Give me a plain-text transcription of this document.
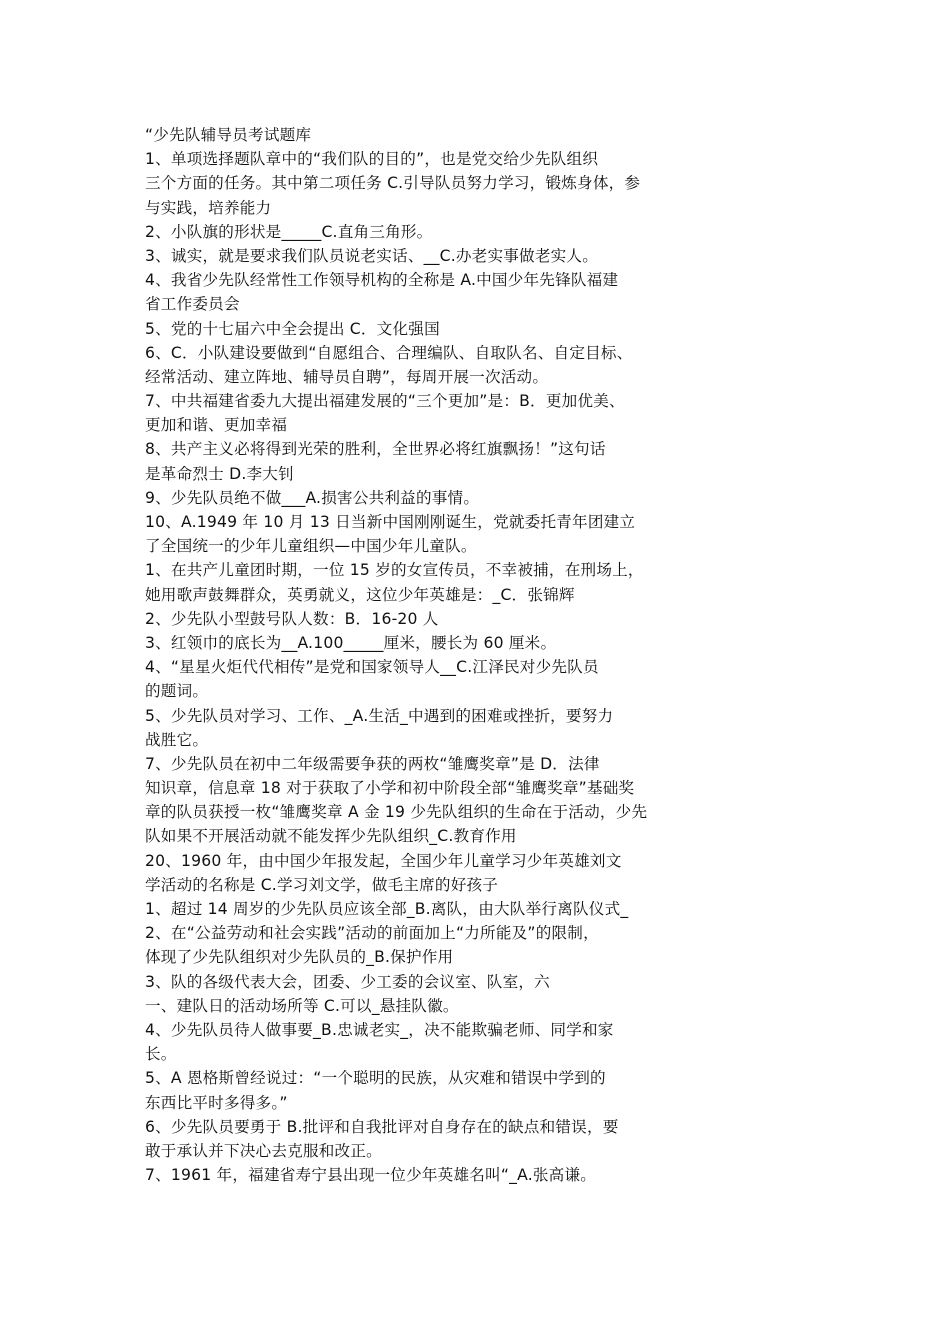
“少先队辅导员考试题库
1、单项选择题队章中的“我们队的目的”，也是党交给少先队组织
三个方面的任务。其中第二项任务 C.引导队员努力学习，锻炼身体，参
与实践，培养能力
2、小队旗的形状是_____C.直角三角形。
3、诚实，就是要求我们队员说老实话、__C.办老实事做老实人。
4、我省少先队经常性工作领导机构的全称是 A.中国少年先锋队福建
省工作委员会
5、党的十七届六中全会提出 C．文化强国
6、C．小队建设要做到“自愿组合、合理编队、自取队名、自定目标、
经常活动、建立阵地、辅导员自聘”，每周开展一次活动。
7、中共福建省委九大提出福建发展的“三个更加”是：B．更加优美、
更加和谐、更加幸福
8、共产主义必将得到光荣的胜利，全世界必将红旗飘扬！”这句话
是革命烈士 D.李大钊
9、少先队员绝不做___A.损害公共利益的事情。
10、A.1949 年 10 月 13 日当新中国刚刚诞生，党就委托青年团建立
了全国统一的少年儿童组织—中国少年儿童队。
1、在共产儿童团时期，一位 15 岁的女宣传员，不幸被捕，在刑场上，
她用歌声鼓舞群众，英勇就义，这位少年英雄是：_C．张锦辉
2、少先队小型鼓号队人数：B．16-20 人
3、红领巾的底长为__A.100_____厘米，腰长为 60 厘米。
4、“星星火炬代代相传”是党和国家领导人__C.江泽民对少先队员
的题词。
5、少先队员对学习、工作、_A.生活_中遇到的困难或挫折，要努力
战胜它。
7、少先队员在初中二年级需要争获的两枚“雏鹰奖章”是 D．法律
知识章，信息章 18 对于获取了小学和初中阶段全部“雏鹰奖章”基础奖
章的队员获授一枚“雏鹰奖章 A 金 19 少先队组织的生命在于活动，少先
队如果不开展活动就不能发挥少先队组织_C.教育作用
20、1960 年，由中国少年报发起，全国少年儿童学习少年英雄刘文
学活动的名称是 C.学习刘文学，做毛主席的好孩子
1、超过 14 周岁的少先队员应该全部_B.离队，由大队举行离队仪式_
2、在“公益劳动和社会实践”活动的前面加上“力所能及”的限制，
体现了少先队组织对少先队员的_B.保护作用
3、队的各级代表大会，团委、少工委的会议室、队室，六
一、建队日的活动场所等 C.可以_悬挂队徽。
4、少先队员待人做事要_B.忠诚老实_，决不能欺骗老师、同学和家
长。
5、A 恩格斯曾经说过：“一个聪明的民族，从灾难和错误中学到的
东西比平时多得多。”
6、少先队员要勇于 B.批评和自我批评对自身存在的缺点和错误，要
敢于承认并下决心去克服和改正。
7、1961 年，福建省寿宁县出现一位少年英雄名叫“_A.张高谦。
